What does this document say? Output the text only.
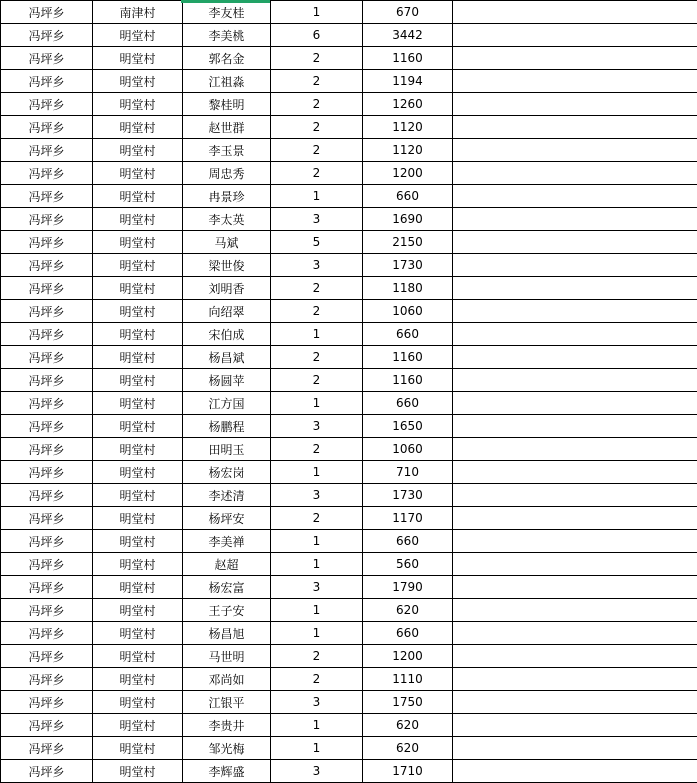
冯坪乡	南津村	李友桂	1	670	
冯坪乡	明堂村	李美桃	6	3442	
冯坪乡	明堂村	郭名金	2	1160	
冯坪乡	明堂村	江祖淼	2	1194	
冯坪乡	明堂村	黎桂明	2	1260	
冯坪乡	明堂村	赵世群	2	1120	
冯坪乡	明堂村	李玉景	2	1120	
冯坪乡	明堂村	周忠秀	2	1200	
冯坪乡	明堂村	冉景珍	1	660	
冯坪乡	明堂村	李太英	3	1690	
冯坪乡	明堂村	马斌	5	2150	
冯坪乡	明堂村	梁世俊	3	1730	
冯坪乡	明堂村	刘明香	2	1180	
冯坪乡	明堂村	向绍翠	2	1060	
冯坪乡	明堂村	宋伯成	1	660	
冯坪乡	明堂村	杨昌斌	2	1160	
冯坪乡	明堂村	杨圆苹	2	1160	
冯坪乡	明堂村	江方国	1	660	
冯坪乡	明堂村	杨鹏程	3	1650	
冯坪乡	明堂村	田明玉	2	1060	
冯坪乡	明堂村	杨宏岗	1	710	
冯坪乡	明堂村	李述清	3	1730	
冯坪乡	明堂村	杨坪安	2	1170	
冯坪乡	明堂村	李美禅	1	660	
冯坪乡	明堂村	赵超	1	560	
冯坪乡	明堂村	杨宏富	3	1790	
冯坪乡	明堂村	王子安	1	620	
冯坪乡	明堂村	杨昌旭	1	660	
冯坪乡	明堂村	马世明	2	1200	
冯坪乡	明堂村	邓尚如	2	1110	
冯坪乡	明堂村	江银平	3	1750	
冯坪乡	明堂村	李贵井	1	620	
冯坪乡	明堂村	邹光梅	1	620	
冯坪乡	明堂村	李辉盛	3	1710	
